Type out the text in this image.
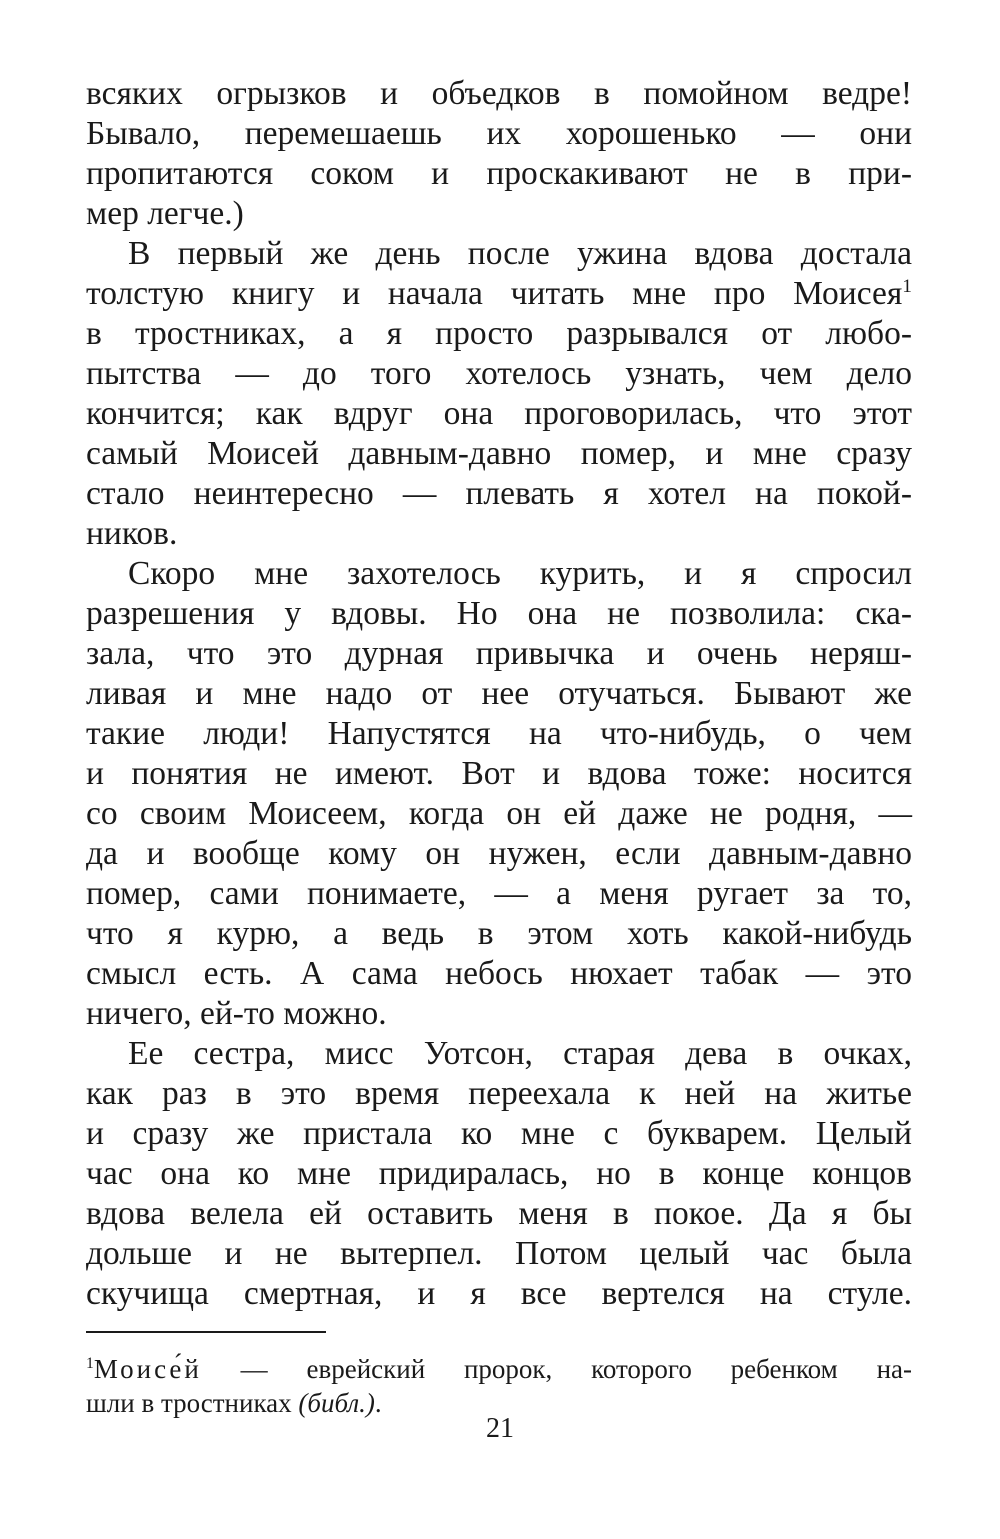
всяких огрызков и объедков в помойном ведре!
Бывало, перемешаешь их хорошенько — они
пропитаются соком и проскакивают не в при-
мер легче.)
В первый же день после ужина вдова достала
толстую книгу и начала читать мне про Моисея$^1$
в тростниках, а я просто разрывался от любо-
пытства — до того хотелось узнать, чем дело
кончится; как вдруг она проговорилась, что этот
самый Моисей давным-давно помер, и мне сразу
стало неинтересно — плевать я хотел на покой-
ников.
Скоро мне захотелось курить, и я спросил
разрешения у вдовы. Но она не позволила: ска-
зала, что это дурная привычка и очень неряш-
ливая и мне надо от нее отучаться. Бывают же
такие люди! Напустятся на что-нибудь, о чем
и понятия не имеют. Вот и вдова тоже: носится
со своим Моисеем, когда он ей даже не родня, —
да и вообще кому он нужен, если давным-давно
помер, сами понимаете, — а меня ругает за то,
что я курю, а ведь в этом хоть какой-нибудь
смысл есть. А сама небось нюхает табак — это
ничего, ей-то можно.
Ее сестра, мисс Уотсон, старая дева в очках,
как раз в это время переехала к ней на житье
и сразу же пристала ко мне с букварем. Целый
час она ко мне придиралась, но в конце концов
вдова велела ей оставить меня в покое. Да я бы
дольше и не вытерпел. Потом целый час была
скучища смертная, и я все вертелся на стуле.
$^1$Моисе́й — еврейский пророк, которого ребенком на-
шли в тростниках (библ.).
21
